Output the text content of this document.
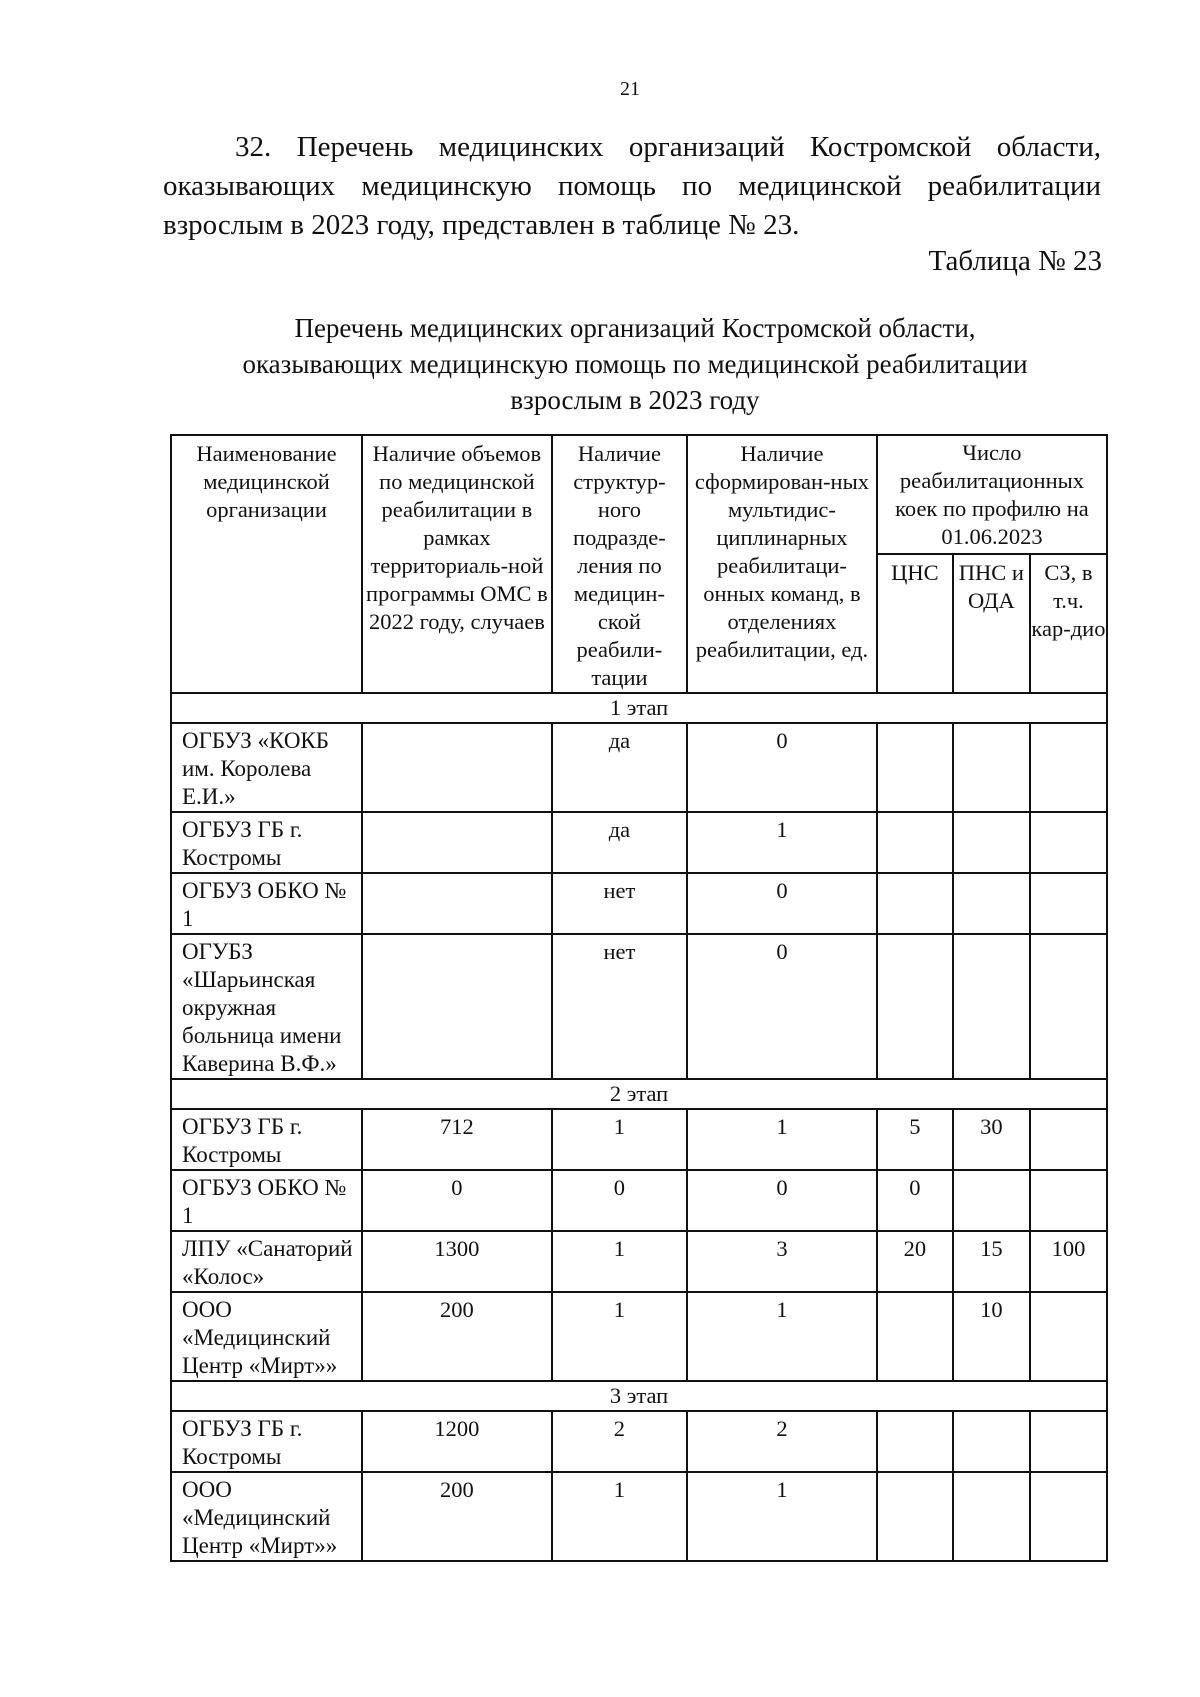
21
32. Перечень медицинских организаций Костромской области, оказывающих медицинскую помощь по медицинской реабилитации взрослым в 2023 году, представлен в таблице № 23.
Таблица № 23
Перечень медицинских организаций Костромской области,
оказывающих медицинскую помощь по медицинской реабилитации
взрослым в 2023 году
Наименование медицинской организации	Наличие объемов по медицинской реабилитации в рамках территориаль-ной программы ОМС в 2022 году, случаев	Наличие структур-ного подразде-ления по медицин-ской реабили-тации	Наличие сформирован-ных мультидис-циплинарных реабилитаци-онных команд, в отделениях реабилитации, ед.	Число реабилитационных коек по профилю на 01.06.2023		
				ЦНС	ПНС и ОДА	СЗ, в т.ч. кар-дио
1 этап						
ОГБУЗ «КОКБ им. Королева Е.И.»		да	0			
ОГБУЗ ГБ г. Костромы		да	1			
ОГБУЗ ОБКО № 1		нет	0			
ОГУБЗ «Шарьинская окружная больница имени Каверина В.Ф.»		нет	0			
2 этап						
ОГБУЗ ГБ г. Костромы	712	1	1	5	30	
ОГБУЗ ОБКО № 1	0	0	0	0		
ЛПУ «Санаторий «Колос»	1300	1	3	20	15	100
ООО «Медицинский Центр «Мирт»»	200	1	1		10	
3 этап						
ОГБУЗ ГБ г. Костромы	1200	2	2			
ООО «Медицинский Центр «Мирт»»	200	1	1			
